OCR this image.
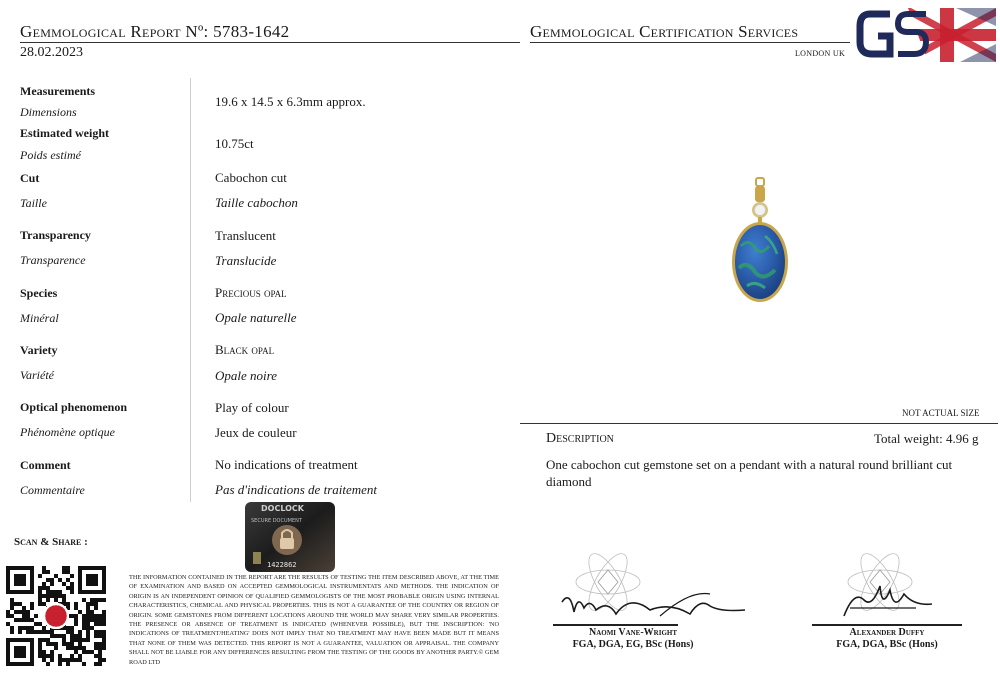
Gemmological Report Nº: 5783-1642
28.02.2023
Gemmological Certification Services
LONDON UK
Measurements
Dimensions
Estimated weight
Poids estimé
Cut
Taille
Transparency
Transparence
Species
Minéral
Variety
Variété
Optical phenomenon
Phénomène optique
Comment
Commentaire
19.6 x 14.5 x 6.3mm approx.
10.75ct
Cabochon cut
Taille cabochon
Translucent
Translucide
Precious opal
Opale naturelle
Black opal
Opale noire
Play of colour
Jeux de couleur
No indications of treatment
Pas d'indications de traitement
DOCLOCK
SECURE DOCUMENT
1422862
Scan & Share :
THE INFORMATION CONTAINED IN THE REPORT ARE THE RESULTS OF TESTING THE ITEM DESCRIBED ABOVE, AT THE TIME OF EXAMINATION AND BASED ON ACCEPTED GEMMOLOGICAL INSTRUMENTATS AND METHODS. THE INDICATION OF ORIGIN IS AN INDEPENDENT OPINION OF QUALIFIED GEMMOLOGISTS OF THE MOST PROBABLE ORIGIN USING INTERNAL CHARACTERISTICS, CHEMICAL AND PHYSICAL PROPERTIES. THIS IS NOT A GUARANTEE OF THE COUNTRY OR REGION OF ORIGIN. SOME GEMSTONES FROM DIFFERENT LOCATIONS AROUND THE WORLD MAY SHARE VERY SIMILAR PROPERTIES. THE PRESENCE OR ABSENCE OF TREATMENT IS INDICATED (WHENEVER POSSIBLE), BUT THE INSCRIPTION: 'NO INDICATIONS OF TREATMENT/HEATING' DOES NOT IMPLY THAT NO TREATMENT MAY HAVE BEEN MADE BUT IT MEANS THAT NONE OF THEM WAS DETECTED. THIS REPORT IS NOT A GUARANTEE, VALUATION OR APPRAISAL. THE COMPANY SHALL NOT BE LIABLE FOR ANY DIFFERENCES RESULTING FROM THE TESTING OF THE GOODS BY ANOTHER PARTY.© GEM ROAD LTD
NOT ACTUAL SIZE
Description	Total weight: 4.96 g
One cabochon cut gemstone set on a pendant with a natural round brilliant cut diamond
Naomi Vane-Wright
FGA, DGA, EG, BSc (Hons)
Alexander Duffy
FGA, DGA, BSc (Hons)
